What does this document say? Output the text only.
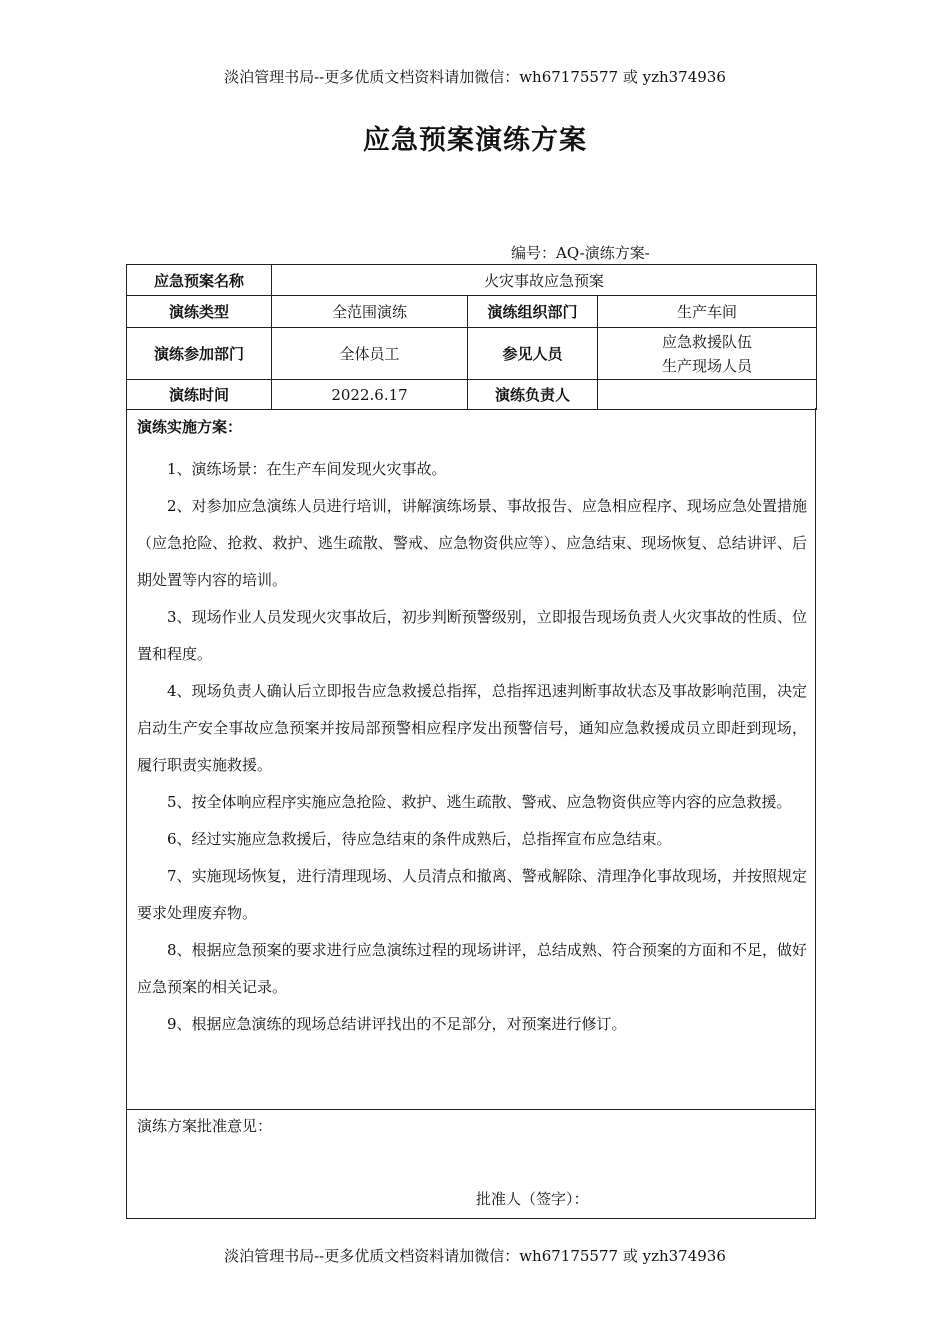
淡泊管理书局--更多优质文档资料请加微信：wh67175577 或 yzh374936
应急预案演练方案
编号：AQ-演练方案-
应急预案名称	火灾事故应急预案		
演练类型	全范围演练	演练组织部门	生产车间
演练参加部门	全体员工	参见人员	应急救援队伍
生产现场人员

演练时间	2022.6.17	演练负责人	
演练实施方案：

1、演练场景：在生产车间发现火灾事故。

2、对参加应急演练人员进行培训，讲解演练场景、事故报告、应急相应程序、现场应急处置措施（应急抢险、抢救、救护、逃生疏散、警戒、应急物资供应等）、应急结束、现场恢复、总结讲评、后期处置等内容的培训。

3、现场作业人员发现火灾事故后，初步判断预警级别，立即报告现场负责人火灾事故的性质、位置和程度。

4、现场负责人确认后立即报告应急救援总指挥，总指挥迅速判断事故状态及事故影响范围，决定启动生产安全事故应急预案并按局部预警相应程序发出预警信号，通知应急救援成员立即赶到现场，履行职责实施救援。

5、按全体响应程序实施应急抢险、救护、逃生疏散、警戒、应急物资供应等内容的应急救援。

6、经过实施应急救援后，待应急结束的条件成熟后，总指挥宣布应急结束。

7、实施现场恢复，进行清理现场、人员清点和撤离、警戒解除、清理净化事故现场，并按照规定要求处理废弃物。

8、根据应急预案的要求进行应急演练过程的现场讲评，总结成熟、符合预案的方面和不足，做好应急预案的相关记录。

9、根据应急演练的现场总结讲评找出的不足部分，对预案进行修订。

演练方案批准意见：
批准人（签字）：
淡泊管理书局--更多优质文档资料请加微信：wh67175577 或 yzh374936
